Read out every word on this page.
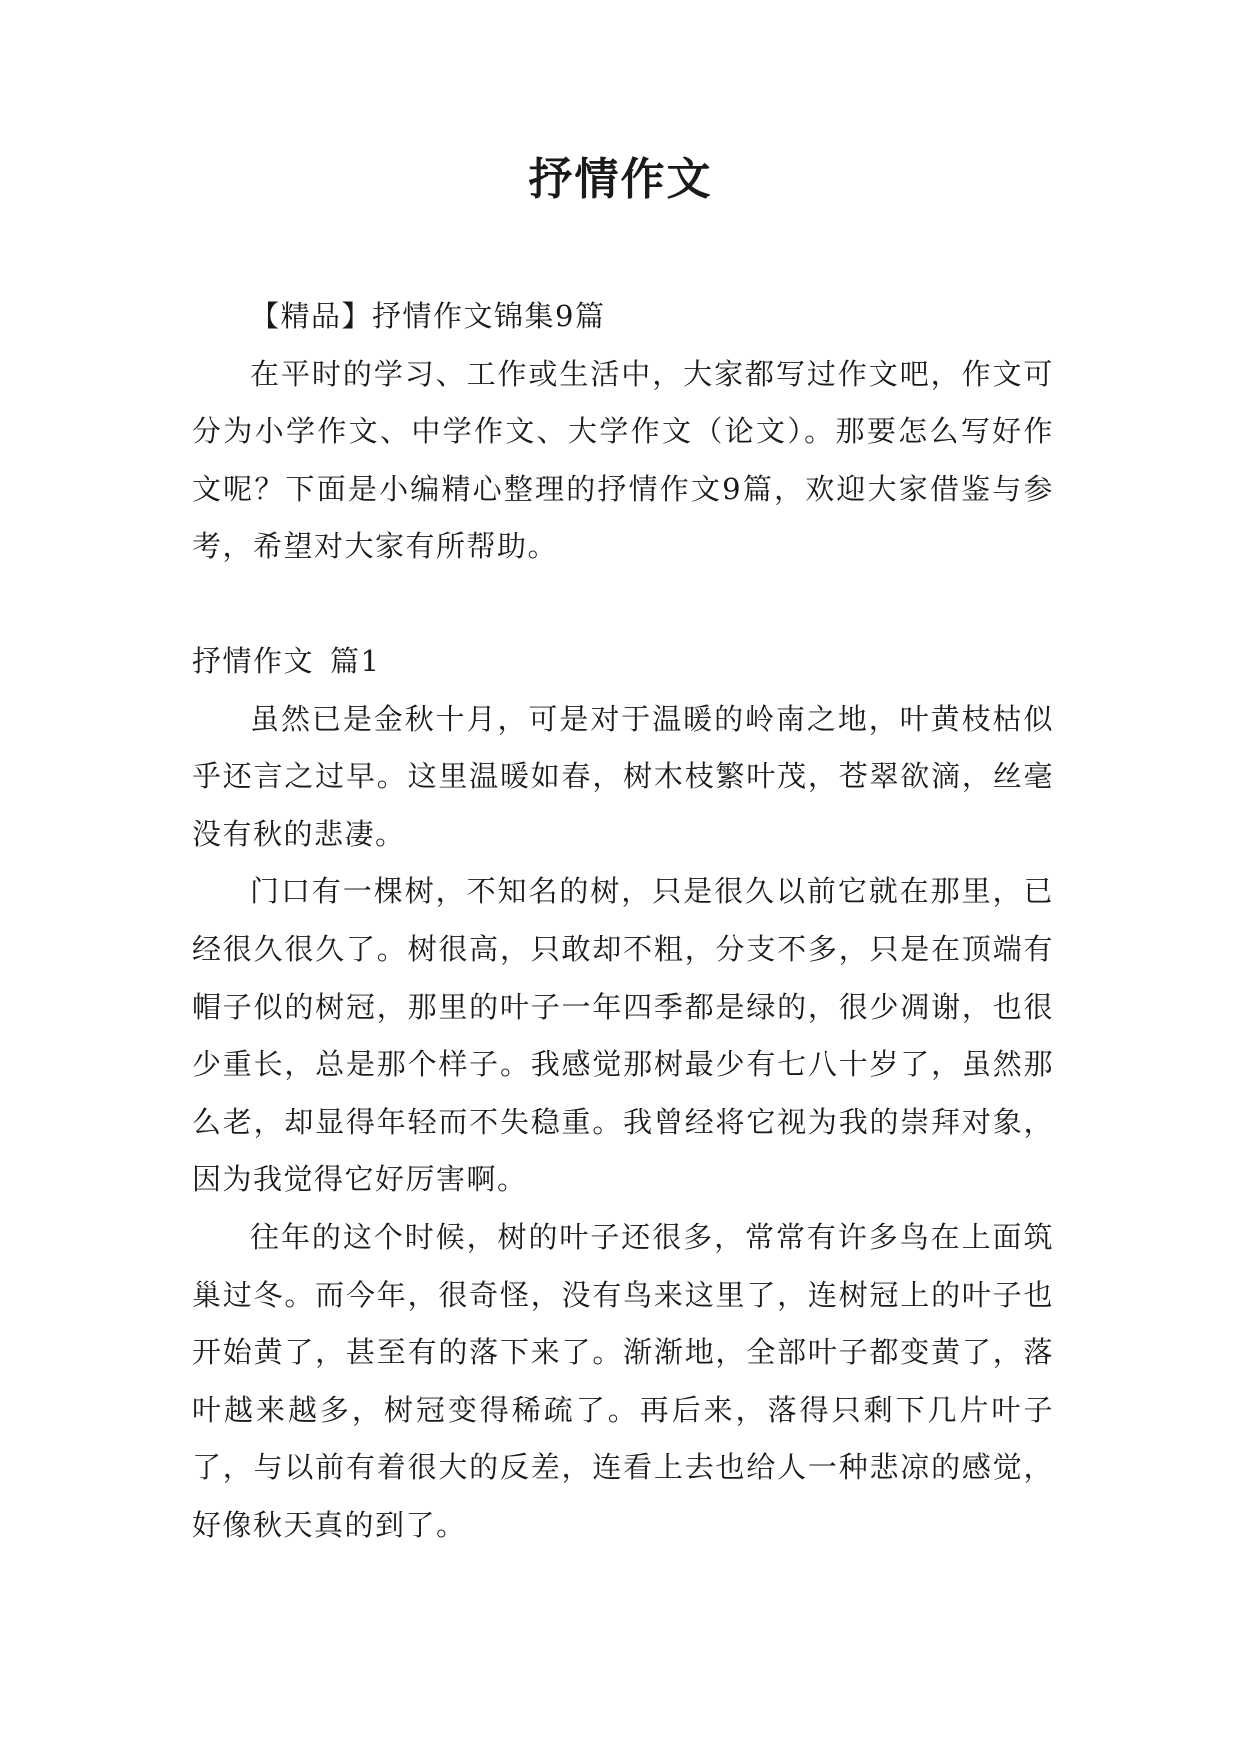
抒情作文

【精品】抒情作文锦集9篇

在平时的学习、工作或生活中，大家都写过作文吧，作文可分为小学作文、中学作文、大学作文（论文）。那要怎么写好作文呢？下面是小编精心整理的抒情作文9篇，欢迎大家借鉴与参考，希望对大家有所帮助。

抒情作文 篇1

虽然已是金秋十月，可是对于温暖的岭南之地，叶黄枝枯似乎还言之过早。这里温暖如春，树木枝繁叶茂，苍翠欲滴，丝毫没有秋的悲凄。

门口有一棵树，不知名的树，只是很久以前它就在那里，已经很久很久了。树很高，只敢却不粗，分支不多，只是在顶端有帽子似的树冠，那里的叶子一年四季都是绿的，很少凋谢，也很少重长，总是那个样子。我感觉那树最少有七八十岁了，虽然那么老，却显得年轻而不失稳重。我曾经将它视为我的崇拜对象，因为我觉得它好厉害啊。

往年的这个时候，树的叶子还很多，常常有许多鸟在上面筑巢过冬。而今年，很奇怪，没有鸟来这里了，连树冠上的叶子也开始黄了，甚至有的落下来了。渐渐地，全部叶子都变黄了，落叶越来越多，树冠变得稀疏了。再后来，落得只剩下几片叶子了，与以前有着很大的反差，连看上去也给人一种悲凉的感觉，好像秋天真的到了。
